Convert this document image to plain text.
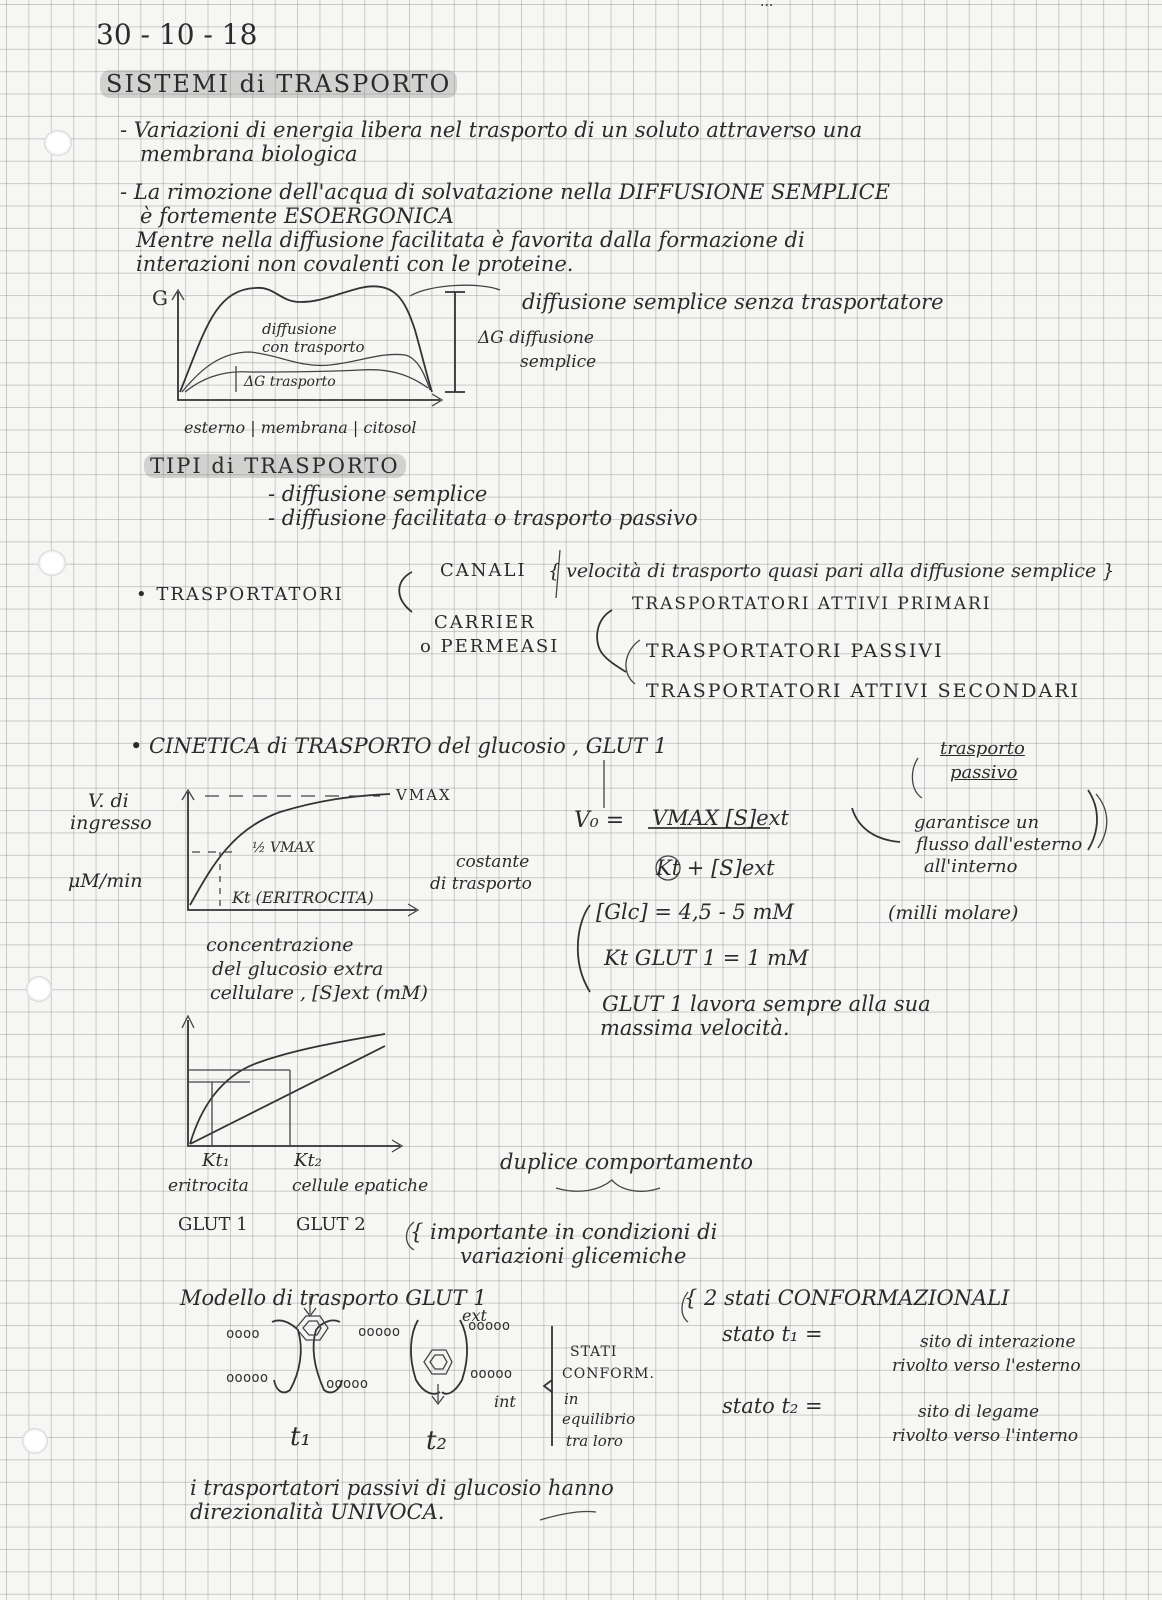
...
30 - 10 - 18
SISTEMI di TRASPORTO
- Variazioni di energia libera nel trasporto di un soluto attraverso una
membrana biologica
- La rimozione dell'acqua di solvatazione nella DIFFUSIONE SEMPLICE
è fortemente ESOERGONICA
Mentre nella diffusione facilitata è favorita dalla formazione di
interazioni non covalenti con le proteine.
oooo
ooooo
ooooo
ooooo
ooooo
ooooo
G	diffusione semplice senza trasportatore
diffusione
con trasporto	ΔG diffusione
semplice
ΔG trasporto
esterno | membrana | citosol
TIPI di TRASPORTO
- diffusione semplice
- diffusione facilitata o trasporto passivo
• TRASPORTATORI
CANALI { velocità di trasporto quasi pari alla diffusione semplice }
CARRIER
o PERMEASI
TRASPORTATORI ATTIVI PRIMARI
TRASPORTATORI PASSIVI
TRASPORTATORI ATTIVI SECONDARI
• CINETICA di TRASPORTO del glucosio , GLUT 1	trasporto
passivo
garantisce un
flusso dall'esterno
all'interno
V. di
ingresso
μM/min
VMAX
½ VMAX
Kt (ERITROCITA)
costante
di trasporto
concentrazione
del glucosio extra
cellulare , [S]ext (mM)
V₀ = VMAX [S]ext
Kt + [S]ext
[Glc] = 4,5 - 5 mM	(milli molare)
Kt GLUT 1 = 1 mM
GLUT 1 lavora sempre alla sua
massima velocità.
Kt₁	Kt₂
eritrocita	cellule epatiche
GLUT 1	GLUT 2
duplice comportamento
{ importante in condizioni di
variazioni glicemiche
Modello di trasporto GLUT 1	{ 2 stati CONFORMAZIONALI
ext
int
t₁	t₂
STATI
CONFORM.
in
equilibrio
tra loro
stato t₁ =	sito di interazione
rivolto verso l'esterno
stato t₂ =	sito di legame
rivolto verso l'interno
i trasportatori passivi di glucosio hanno
direzionalità UNIVOCA.
